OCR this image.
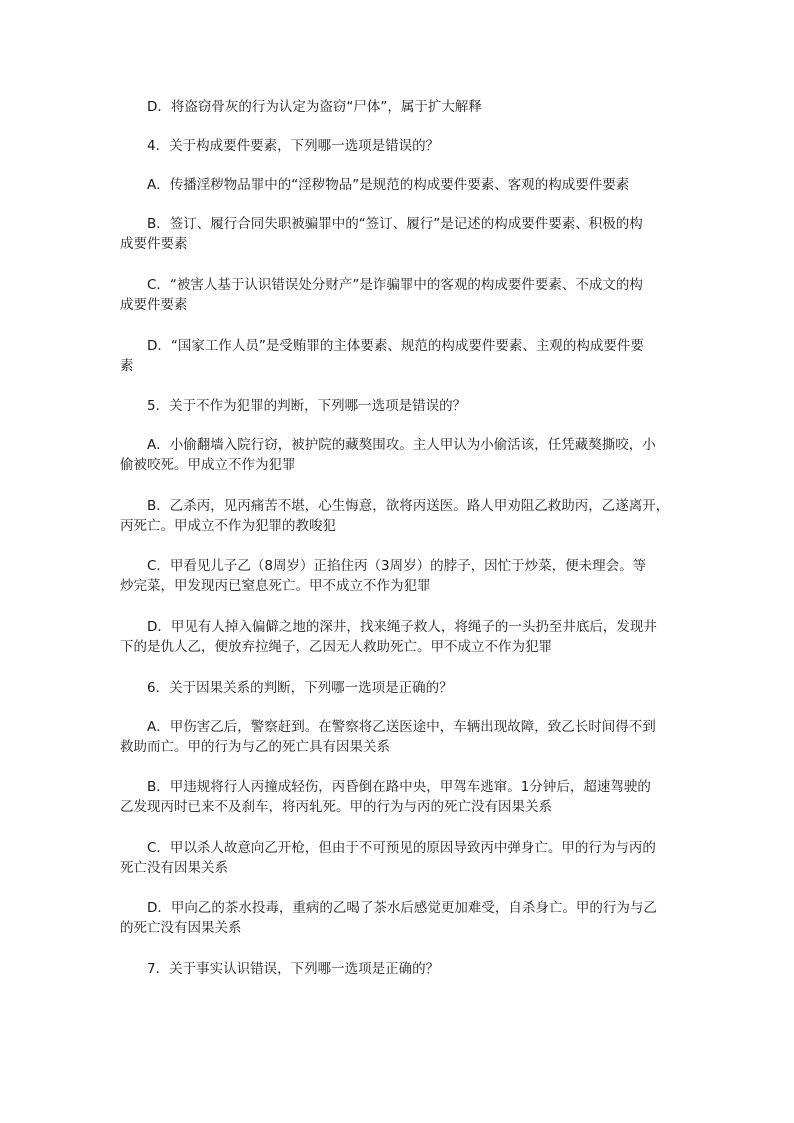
D．将盗窃骨灰的行为认定为盗窃“尸体”，属于扩大解释
4．关于构成要件要素，下列哪一选项是错误的？
A．传播淫秽物品罪中的“淫秽物品”是规范的构成要件要素、客观的构成要件要素
B．签订、履行合同失职被骗罪中的“签订、履行”是记述的构成要件要素、积极的构
成要件要素
C．“被害人基于认识错误处分财产”是诈骗罪中的客观的构成要件要素、不成文的构
成要件要素
D．“国家工作人员”是受贿罪的主体要素、规范的构成要件要素、主观的构成要件要
素
5．关于不作为犯罪的判断，下列哪一选项是错误的？
A．小偷翻墙入院行窃，被护院的藏獒围攻。主人甲认为小偷活该，任凭藏獒撕咬，小
偷被咬死。甲成立不作为犯罪
B．乙杀丙，见丙痛苦不堪，心生悔意，欲将丙送医。路人甲劝阻乙救助丙，乙遂离开，
丙死亡。甲成立不作为犯罪的教唆犯
C．甲看见儿子乙（8周岁）正掐住丙（3周岁）的脖子，因忙于炒菜，便未理会。等
炒完菜，甲发现丙已窒息死亡。甲不成立不作为犯罪
D．甲见有人掉入偏僻之地的深井，找来绳子救人，将绳子的一头扔至井底后，发现井
下的是仇人乙，便放弃拉绳子，乙因无人救助死亡。甲不成立不作为犯罪
6．关于因果关系的判断，下列哪一选项是正确的？
A．甲伤害乙后，警察赶到。在警察将乙送医途中，车辆出现故障，致乙长时间得不到
救助而亡。甲的行为与乙的死亡具有因果关系
B．甲违规将行人丙撞成轻伤，丙昏倒在路中央，甲驾车逃窜。1分钟后，超速驾驶的
乙发现丙时已来不及刹车，将丙轧死。甲的行为与丙的死亡没有因果关系
C．甲以杀人故意向乙开枪，但由于不可预见的原因导致丙中弹身亡。甲的行为与丙的
死亡没有因果关系
D．甲向乙的茶水投毒，重病的乙喝了茶水后感觉更加难受，自杀身亡。甲的行为与乙
的死亡没有因果关系
7．关于事实认识错误，下列哪一选项是正确的？
